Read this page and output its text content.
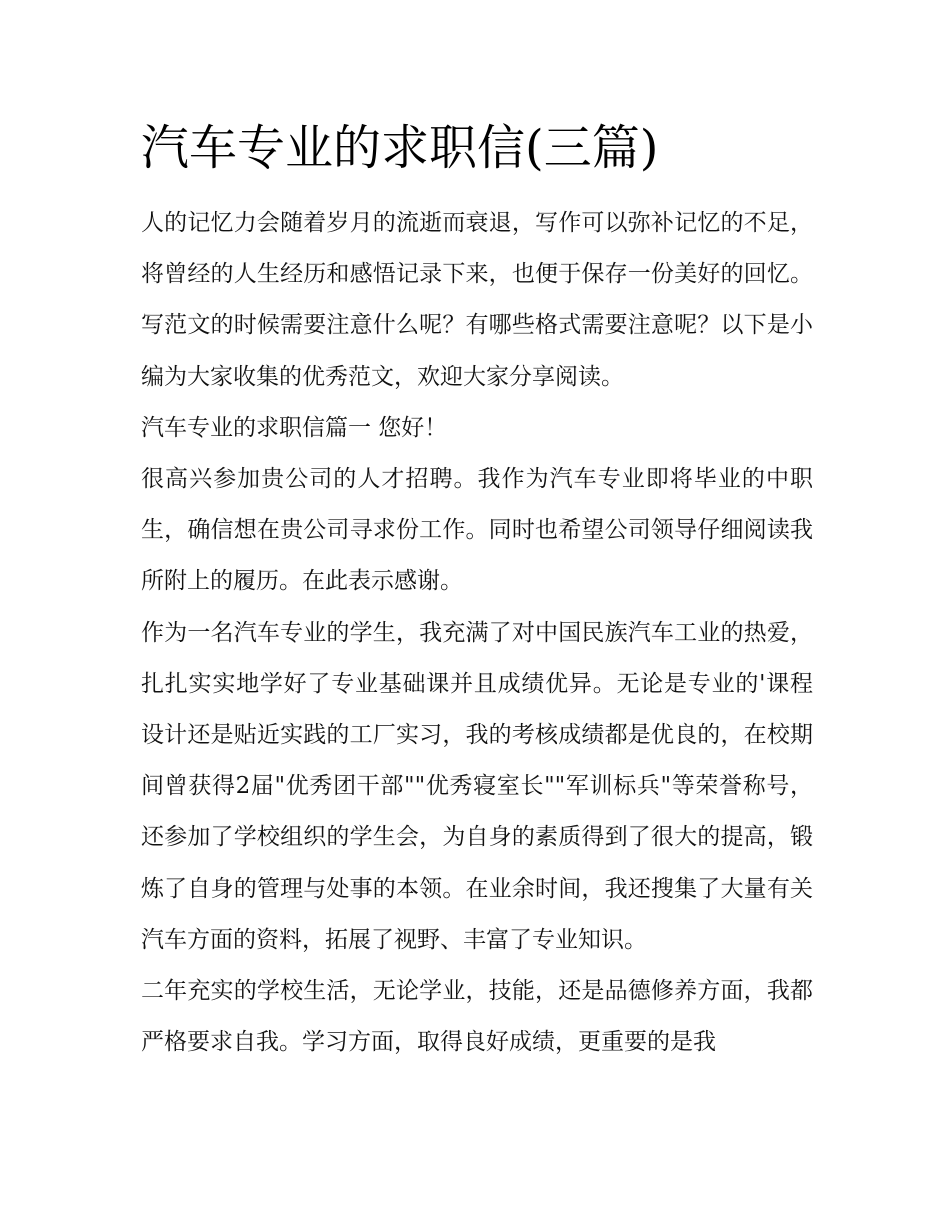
汽车专业的求职信(三篇)

人的记忆力会随着岁月的流逝而衰退，写作可以弥补记忆的不足，将曾经的人生经历和感悟记录下来，也便于保存一份美好的回忆。写范文的时候需要注意什么呢？有哪些格式需要注意呢？以下是小编为大家收集的优秀范文，欢迎大家分享阅读。

汽车专业的求职信篇一 您好！

很高兴参加贵公司的人才招聘。我作为汽车专业即将毕业的中职生，确信想在贵公司寻求份工作。同时也希望公司领导仔细阅读我所附上的履历。在此表示感谢。

作为一名汽车专业的学生，我充满了对中国民族汽车工业的热爱，扎扎实实地学好了专业基础课并且成绩优异。无论是专业的'课程设计还是贴近实践的工厂实习，我的考核成绩都是优良的，在校期间曾获得2届"优秀团干部""优秀寝室长""军训标兵"等荣誉称号，还参加了学校组织的学生会，为自身的素质得到了很大的提高，锻炼了自身的管理与处事的本领。在业余时间，我还搜集了大量有关汽车方面的资料，拓展了视野、丰富了专业知识。

二年充实的学校生活，无论学业，技能，还是品德修养方面，我都严格要求自我。学习方面，取得良好成绩，更重要的是我
